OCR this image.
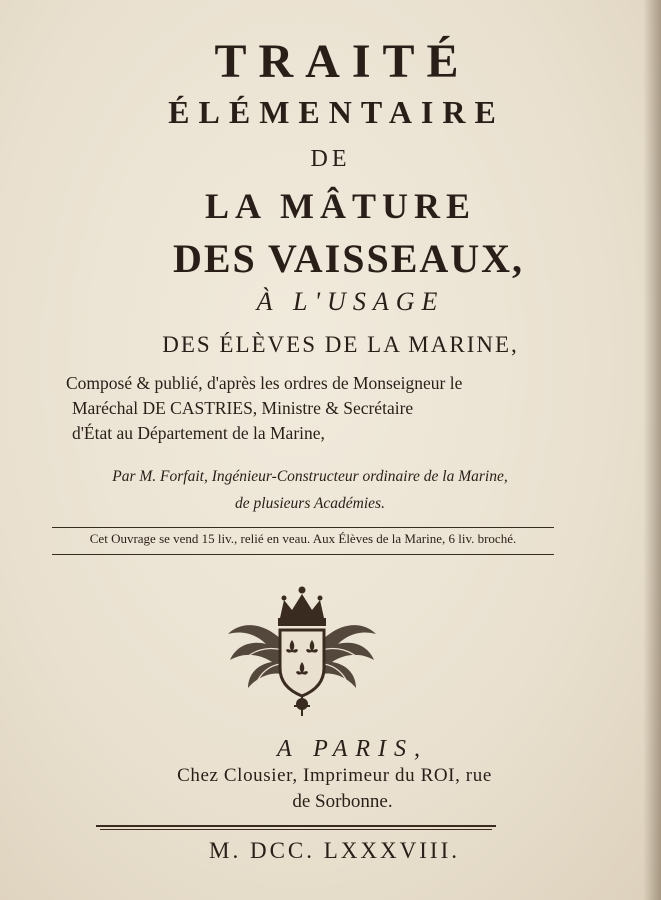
TRAITÉ
ÉLÉMENTAIRE
DE
LA MÂTURE
DES VAISSEAUX,
À L'USAGE
DES ÉLÈVES DE LA MARINE,
Composé & publié, d'après les ordres de Monseigneur le
Maréchal DE CASTRIES, Ministre & Secrétaire
d'État au Département de la Marine,
Par M. Forfait, Ingénieur-Constructeur ordinaire de la Marine,
de plusieurs Académies.
Cet Ouvrage se vend 15 liv., relié en veau. Aux Élèves de la Marine, 6 liv. broché.
A PARIS,
Chez Clousier, Imprimeur du ROI, rue
de Sorbonne.
M. DCC. LXXXVIII.
